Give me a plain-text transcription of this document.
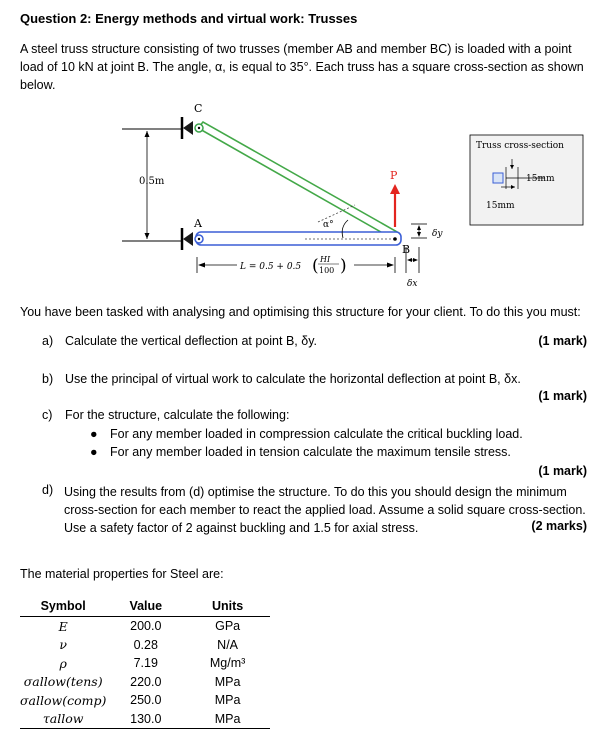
Question 2: Energy methods and virtual work: Trusses
A steel truss structure consisting of two trusses (member AB and member BC) is loaded with a point load of 10 kN at joint B. The angle, α, is equal to 35°. Each truss has a square cross-section as shown below.
0.5m
α°
C
A
B
P
δy
δx
L = 0.5 + 0.5 ( HI
100 )
Truss cross-section
15mm
15mm
You have been tasked with analysing and optimising this structure for your client. To do this you must:
a) Calculate the vertical deflection at point B, δy.	(1 mark)
b) Use the principal of virtual work to calculate the horizontal deflection at point B, δx.
(1 mark)
c) For the structure, calculate the following:
● For any member loaded in compression calculate the critical buckling load.
● For any member loaded in tension calculate the maximum tensile stress.
(1 mark)
d) Using the results from (d) optimise the structure. To do this you should design the minimum cross-section for each member to react the applied load. Assume a solid square cross-section. Use a safety factor of 2 against buckling and 1.5 for axial stress.	(2 marks)
The material properties for Steel are:
Symbol	Value	Units
E	200.0	GPa
ν	0.28	N/A
ρ	7.19	Mg/m³
σallow(tens)	220.0	MPa
σallow(comp)	250.0	MPa
τallow	130.0	MPa
